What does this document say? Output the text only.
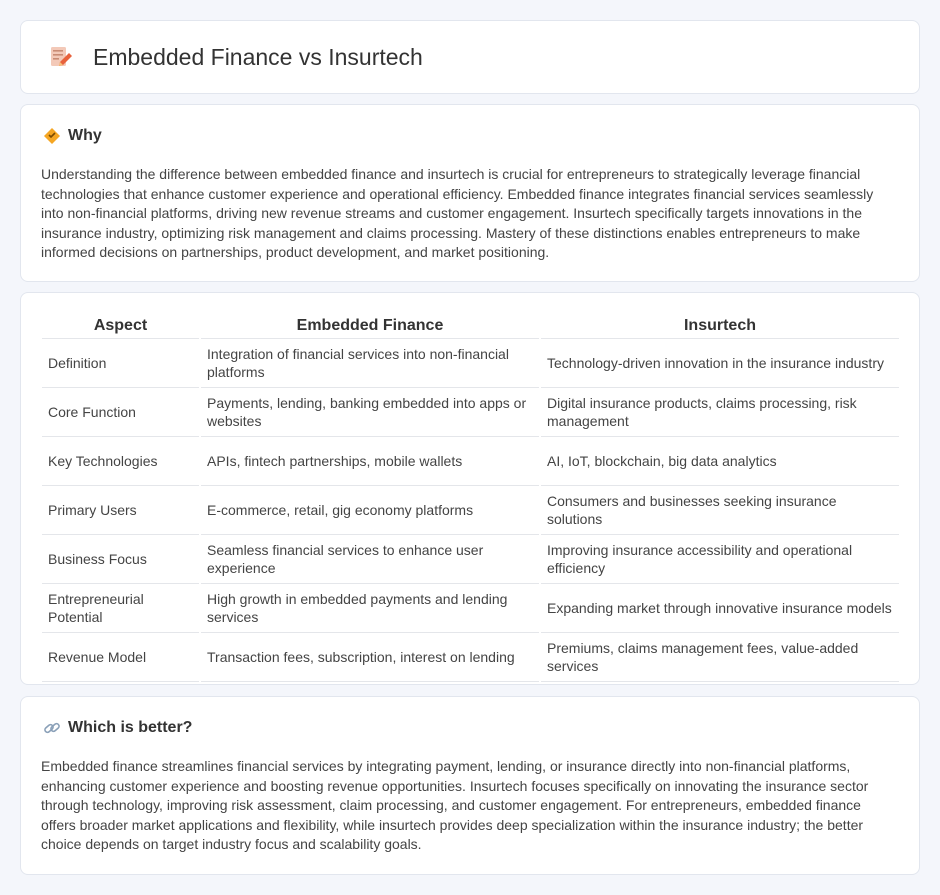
Embedded Finance vs Insurtech
Why

Understanding the difference between embedded finance and insurtech is crucial for entrepreneurs to strategically leverage financial technologies that enhance customer experience and operational efficiency. Embedded finance integrates financial services seamlessly into non-financial platforms, driving new revenue streams and customer engagement. Insurtech specifically targets innovations in the insurance industry, optimizing risk management and claims processing. Mastery of these distinctions enables entrepreneurs to make informed decisions on partnerships, product development, and market positioning.

Aspect	Embedded Finance	Insurtech
Definition	Integration of financial services into non-financial platforms	Technology-driven innovation in the insurance industry
Core Function	Payments, lending, banking embedded into apps or websites	Digital insurance products, claims processing, risk management
Key Technologies	APIs, fintech partnerships, mobile wallets	AI, IoT, blockchain, big data analytics
Primary Users	E-commerce, retail, gig economy platforms	Consumers and businesses seeking insurance solutions
Business Focus	Seamless financial services to enhance user experience	Improving insurance accessibility and operational efficiency
Entrepreneurial Potential	High growth in embedded payments and lending services	Expanding market through innovative insurance models
Revenue Model	Transaction fees, subscription, interest on lending	Premiums, claims management fees, value-added services
Which is better?

Embedded finance streamlines financial services by integrating payment, lending, or insurance directly into non-financial platforms, enhancing customer experience and boosting revenue opportunities. Insurtech focuses specifically on innovating the insurance sector through technology, improving risk assessment, claim processing, and customer engagement. For entrepreneurs, embedded finance offers broader market applications and flexibility, while insurtech provides deep specialization within the insurance industry; the better choice depends on target industry focus and scalability goals.
